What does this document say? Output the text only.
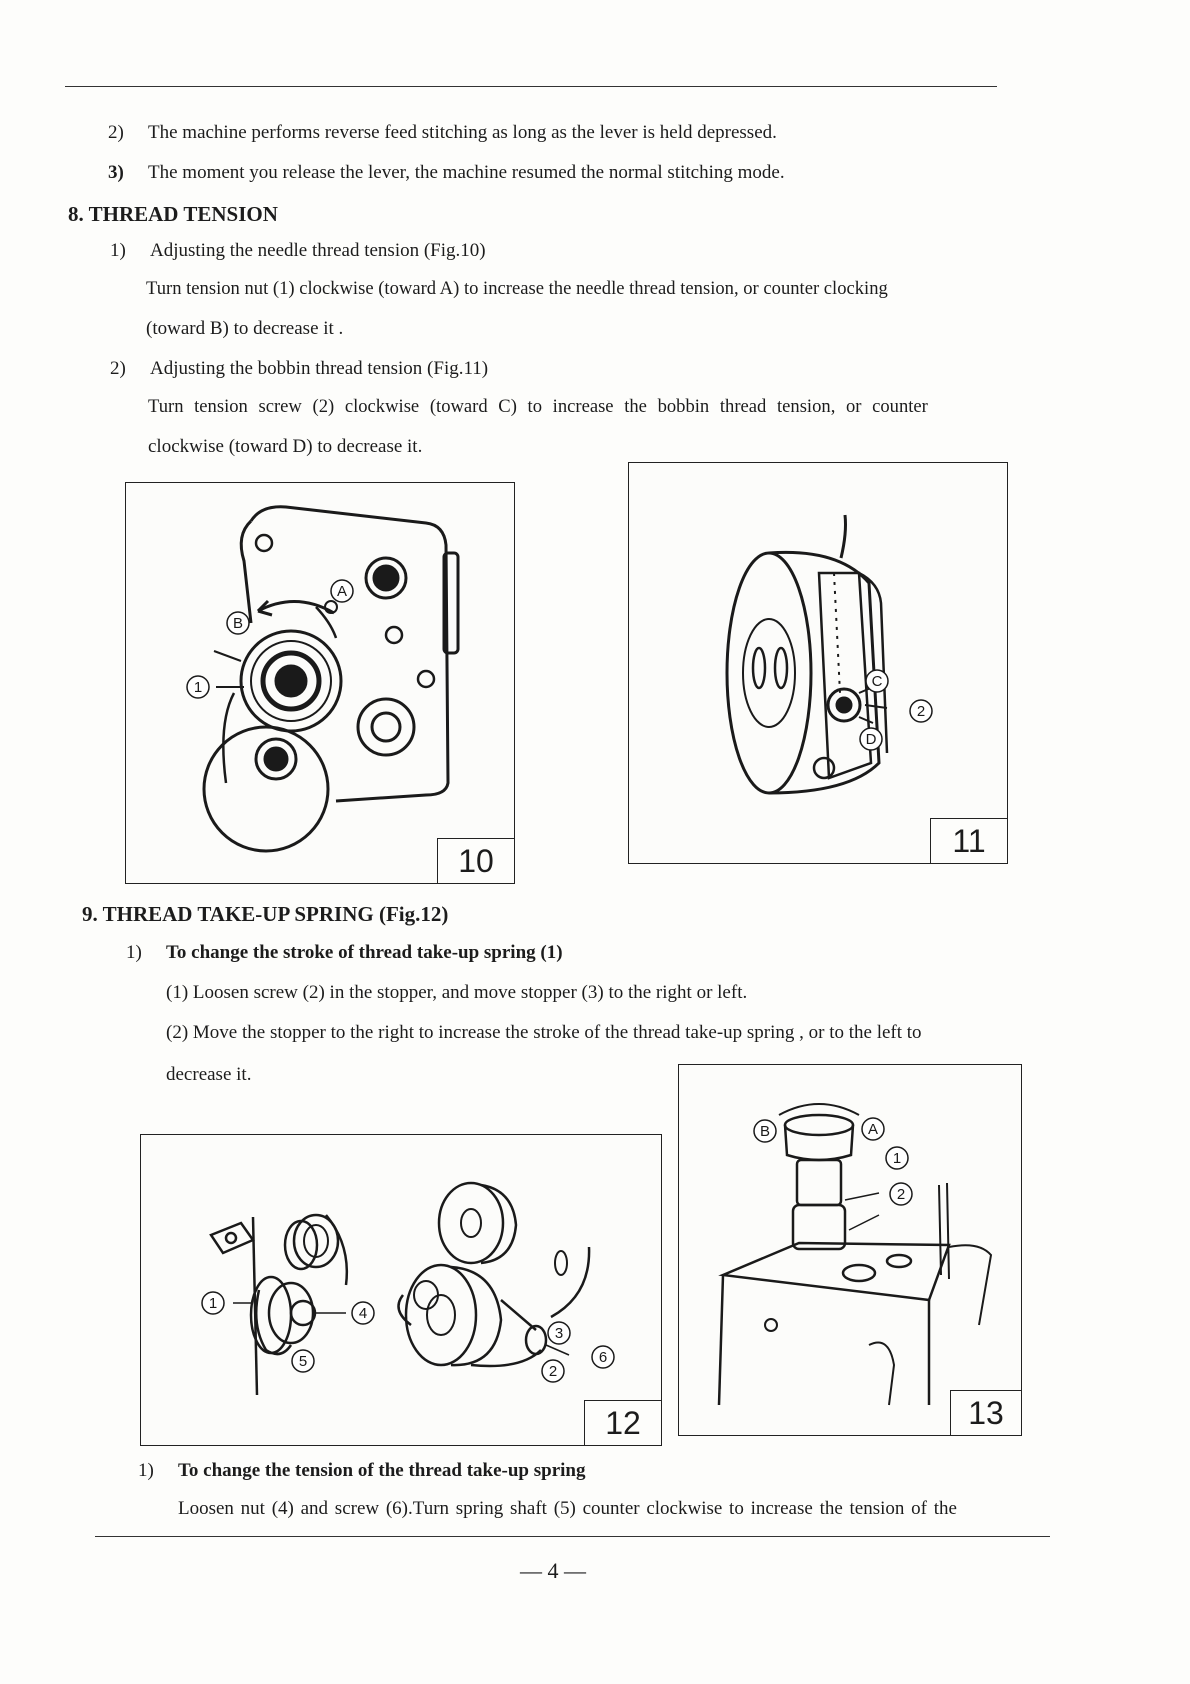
2) The machine performs reverse feed stitching as long as the lever is held depressed.
3) The moment you release the lever, the machine resumed the normal stitching mode.
8. THREAD TENSION
1) Adjusting the needle thread tension (Fig.10)
Turn tension nut (1) clockwise (toward A) to increase the needle thread tension, or counter clocking
(toward B) to decrease it .
2) Adjusting the bobbin thread tension (Fig.11)
Turn tension screw (2) clockwise (toward C) to increase the bobbin thread tension, or counter
clockwise (toward D) to decrease it.
A
B
1
10
C
2
D
11
9. THREAD TAKE-UP SPRING (Fig.12)
1) To change the stroke of thread take-up spring (1)
(1) Loosen screw (2) in the stopper, and move stopper (3) to the right or left.
(2) Move the stopper to the right to increase the stroke of the thread take-up spring , or to the left to
decrease it.
1
4
5
3
6
2
12
B	A
1
2
13
1) To change the tension of the thread take-up spring
Loosen nut (4) and screw (6).Turn spring shaft (5) counter clockwise to increase the tension of the
— 4 —
